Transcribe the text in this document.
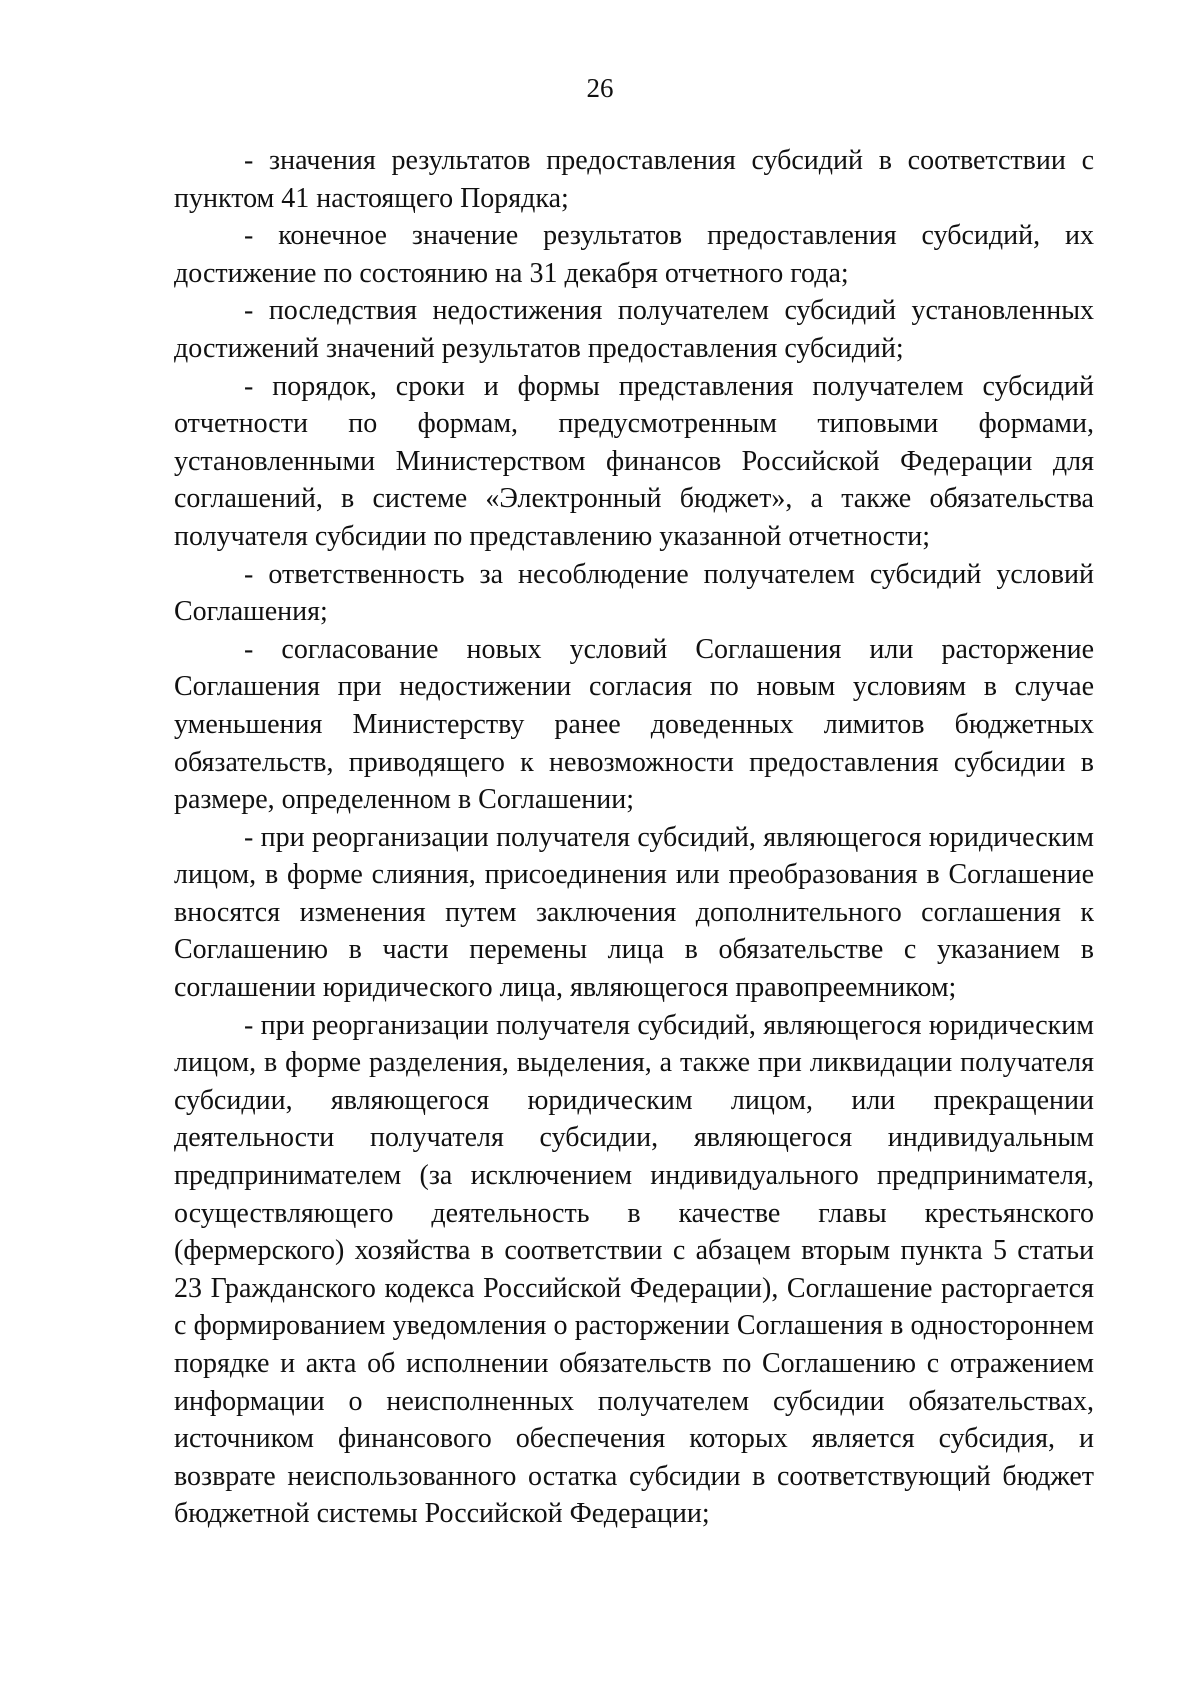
26

- значения результатов предоставления субсидий в соответствии с пунктом 41 настоящего Порядка;

- конечное значение результатов предоставления субсидий, их достижение по состоянию на 31 декабря отчетного года;

- последствия недостижения получателем субсидий установленных достижений значений результатов предоставления субсидий;

- порядок, сроки и формы представления получателем субсидий отчетности по формам, предусмотренным типовыми формами, установленными Министерством финансов Российской Федерации для соглашений, в системе «Электронный бюджет», а также обязательства получателя субсидии по представлению указанной отчетности;

- ответственность за несоблюдение получателем субсидий условий Соглашения;

- согласование новых условий Соглашения или расторжение Соглашения при недостижении согласия по новым условиям в случае уменьшения Министерству ранее доведенных лимитов бюджетных обязательств, приводящего к невозможности предоставления субсидии в размере, определенном в Соглашении;

- при реорганизации получателя субсидий, являющегося юридическим лицом, в форме слияния, присоединения или преобразования в Соглашение вносятся изменения путем заключения дополнительного соглашения к Соглашению в части перемены лица в обязательстве с указанием в соглашении юридического лица, являющегося правопреемником;

- при реорганизации получателя субсидий, являющегося юридическим лицом, в форме разделения, выделения, а также при ликвидации получателя субсидии, являющегося юридическим лицом, или прекращении деятельности получателя субсидии, являющегося индивидуальным предпринимателем (за исключением индивидуального предпринимателя, осуществляющего деятельность в качестве главы крестьянского (фермерского) хозяйства в соответствии с абзацем вторым пункта 5 статьи 23 Гражданского кодекса Российской Федерации), Соглашение расторгается с формированием уведомления о расторжении Соглашения в одностороннем порядке и акта об исполнении обязательств по Соглашению с отражением информации о неисполненных получателем субсидии обязательствах, источником финансового обеспечения которых является субсидия, и возврате неиспользованного остатка субсидии в соответствующий бюджет бюджетной системы Российской Федерации;
